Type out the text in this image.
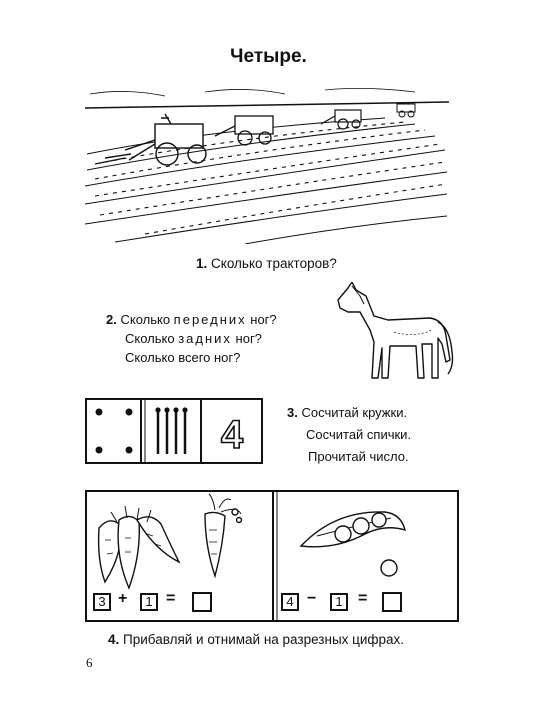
Четыре.
1. Сколько тракторов?
2. Сколько передних ног?
Сколько задних ног?
Сколько всего ног?
4
3. Сосчитай кружки.
Сосчитай спички.
Прочитай число.
3 +	1 =	4 −	1 =
4. Прибавляй и отнимай на разрезных цифрах.
6
